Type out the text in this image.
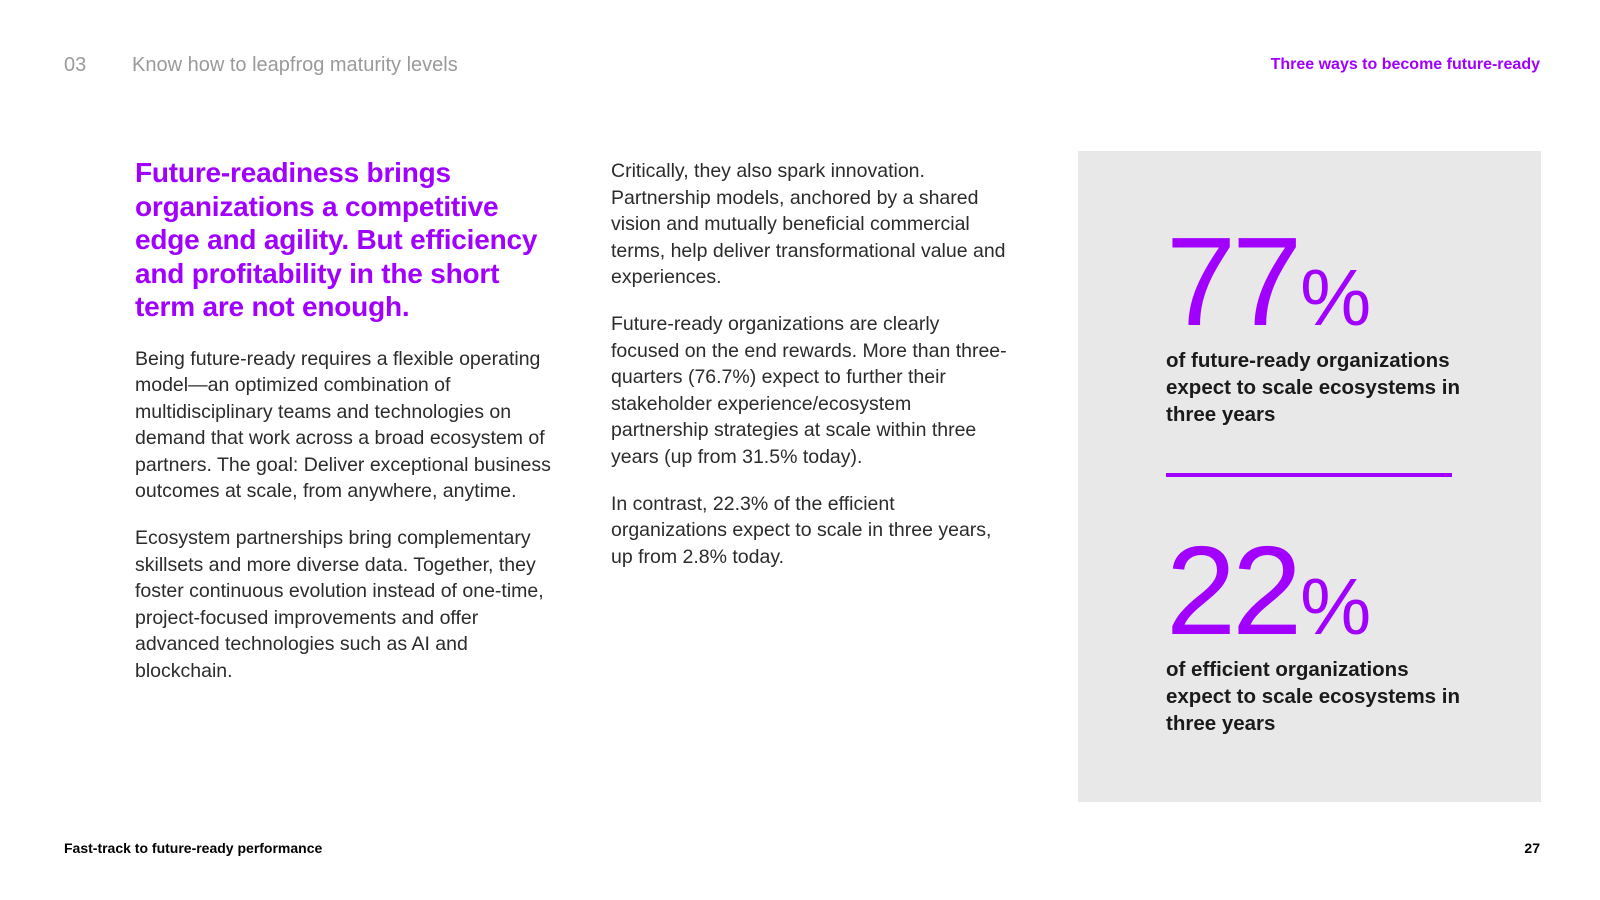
03 Know how to leapfrog maturity levels	Three ways to become future-ready
Future-readiness brings organizations a competitive edge and agility. But efficiency and profitability in the short term are not enough.

Being future-ready requires a flexible operating model—an optimized combination of multidisciplinary teams and technologies on demand that work across a broad ecosystem of partners. The goal: Deliver exceptional business outcomes at scale, from anywhere, anytime.

Ecosystem partnerships bring complementary skillsets and more diverse data. Together, they foster continuous evolution instead of one-time, project-focused improvements and offer advanced technologies such as AI and blockchain.

Critically, they also spark innovation. Partnership models, anchored by a shared vision and mutually beneficial commercial terms, help deliver transformational value and experiences.

Future-ready organizations are clearly focused on the end rewards. More than three-quarters (76.7%) expect to further their stakeholder experience/ecosystem partnership strategies at scale within three years (up from 31.5% today).

In contrast, 22.3% of the efficient organizations expect to scale in three years, up from 2.8% today.

77 %
of future-ready organizations expect to scale ecosystems in three years
22 %
of efficient organizations expect to scale ecosystems in three years
Fast-track to future-ready performance	27
